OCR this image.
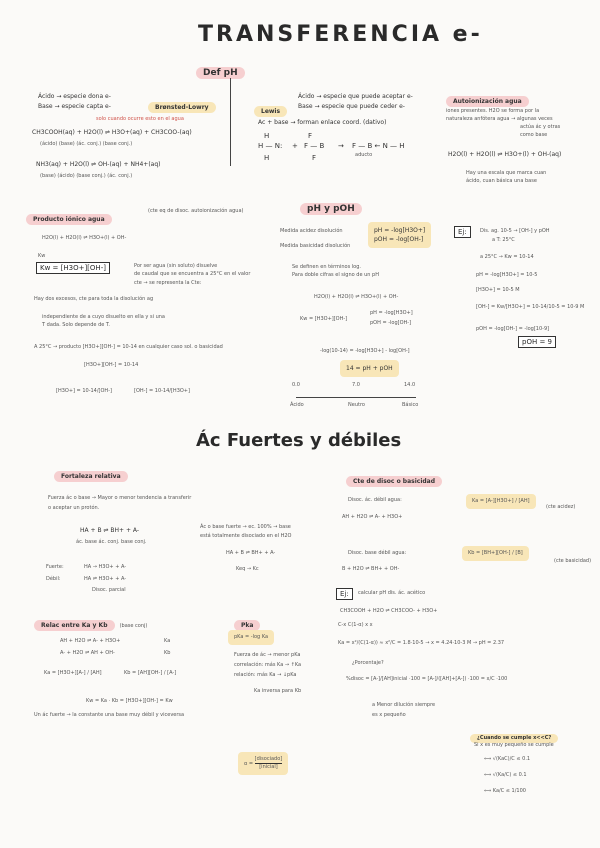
TRANSFERENCIA e-
Def pH
Ácido → especie dona e-
Base → especie capta e-	Brønsted-Lowry
solo cuando ocurre esto en el agua
CH3COOH(aq) + H2O(l) ⇌ H3O+(aq) + CH3COO-(aq)
(ácido) (base) (ác. conj.) (base conj.)
NH3(aq) + H2O(l) ⇌ OH-(aq) + NH4+(aq)
(base) (ácido) (base conj.) (ác. conj.)
Lewis
Ácido → especie que puede aceptar e-
Base → especie que puede ceder e-
Ac + base → forman enlace coord. (dativo)
H
H — N:
H
+
F
F — B
F
→ F — B ← N — H
aducto
Autoionización agua
iones presentes. H2O se forma por la
naturaleza anfótera agua → algunas veces
actúa ác y otras
como base
H2O(l) + H2O(l) ⇌ H3O+(l) + OH-(aq)
Hay una escala que marca cuan
ácido, cuan básica una base
Producto iónico agua
(cte eq de disoc. autoionización agua)
H2O(l) + H2O(l) ⇌ H3O+(l) + OH-
Kw
Kw = [H3O+][OH-]	Por ser agua (sin soluto) disuelve
de caudal que se encuentra a 25°C en el valor
cte → se representa la Cte:
Hay dos excesos, cte para toda la disolución ag
independiente de a cuyo disuelto en ella y si una
T dada. Solo depende de T.
A 25°C → producto [H3O+][OH-] = 10-14 en cualquier caso sol. o basicidad
[H3O+][OH-] = 10-14
[H3O+] = 10-14/[OH-]	[OH-] = 10-14/[H3O+]
pH y pOH
Medida acidez disolución
Medida basicidad disolución
pH = -log[H3O+]
pOH = -log[OH-]
Se definen en términos log.
Para doble cifras el signo de un pH
H2O(l) + H2O(l) ⇌ H3O+(l) + OH-
Kw = [H3O+][OH-]
pH = -log[H3O+]
pOH = -log[OH-]
-log(10-14) = -log[H3O+] - log[OH-]
14 = pH + pOH
0.0	7.0	14.0
Ácido	Neutro	Básico
Ej:	Dis. ag. 10-5 → [OH-] y pOH
a T: 25°C
a 25°C → Kw = 10-14
pH = -log[H3O+] = 10-5
[H3O+] = 10-5 M
[OH-] = Kw/[H3O+] = 10-14/10-5 = 10-9 M
pOH = -log[OH-] = -log[10-9]
pOH = 9
Ác Fuertes y débiles
Fortaleza relativa
Fuerza ác o base → Mayor o menor tendencia a transferir
o aceptar un protón.
HA + B ⇌ BH+ + A-
ác. base ác. conj. base conj.
Ác o base fuerte → ec. 100% → base
está totalmente disociado en el H2O
Fuerte:	HA → H3O+ + A-
Débil:	HA ⇌ H3O+ + A-
Disoc. parcial
HA + B ⇌ BH+ + A-
Keq → Kc
Cte de disoc o basicidad
Disoc. ác. débil agua:
AH + H2O ⇌ A- + H3O+
Ka = [A-][H3O+] / [AH]
(cte acidez)
Disoc. base débil agua:
B + H2O ⇌ BH+ + OH-
Kb = [BH+][OH-] / [B]
(cte basicidad)
Ej:	calcular pH dis. ác. acético
CH3COOH + H2O ⇌ CH3COO- + H3O+
C-x C(1-α) x x
Ka = x²/(C(1-α)) ≈ x²/C = 1.8·10-5 → x = 4.24·10-3 M → pH = 2.37
¿Porcentaje?
%disoc = [A-]/[AH]inicial ·100 = [A-]/([AH]+[A-]) ·100 = x/C ·100
a Menor dilución siempre
es x pequeño
Relac entre Ka y Kb (base conj)
AH + H2O ⇌ A- + H3O+	Ka
A- + H2O ⇌ AH + OH-	Kb
Ka = [H3O+][A-] / [AH]	Kb = [AH][OH-] / [A-]
Kw = Ka · Kb = [H3O+][OH-] = Kw
Un ác fuerte → la constante una base muy débil y viceversa
Pka
pKa = -log Ka
Fuerza de ác → menor pKa
correlación: más Ka → ↑Ka
relación: más Ka → ↓pKa
Ka inversa para Kb
¿Cuando se cumple x<<C?
Si x es muy pequeño se cumple
⟺ √(KaC)/C ≤ 0.1
⟺ √(Ka/C) ≤ 0.1
⟺ Ka/C ≤ 1/100
α =
[disociado]
[inicial]
